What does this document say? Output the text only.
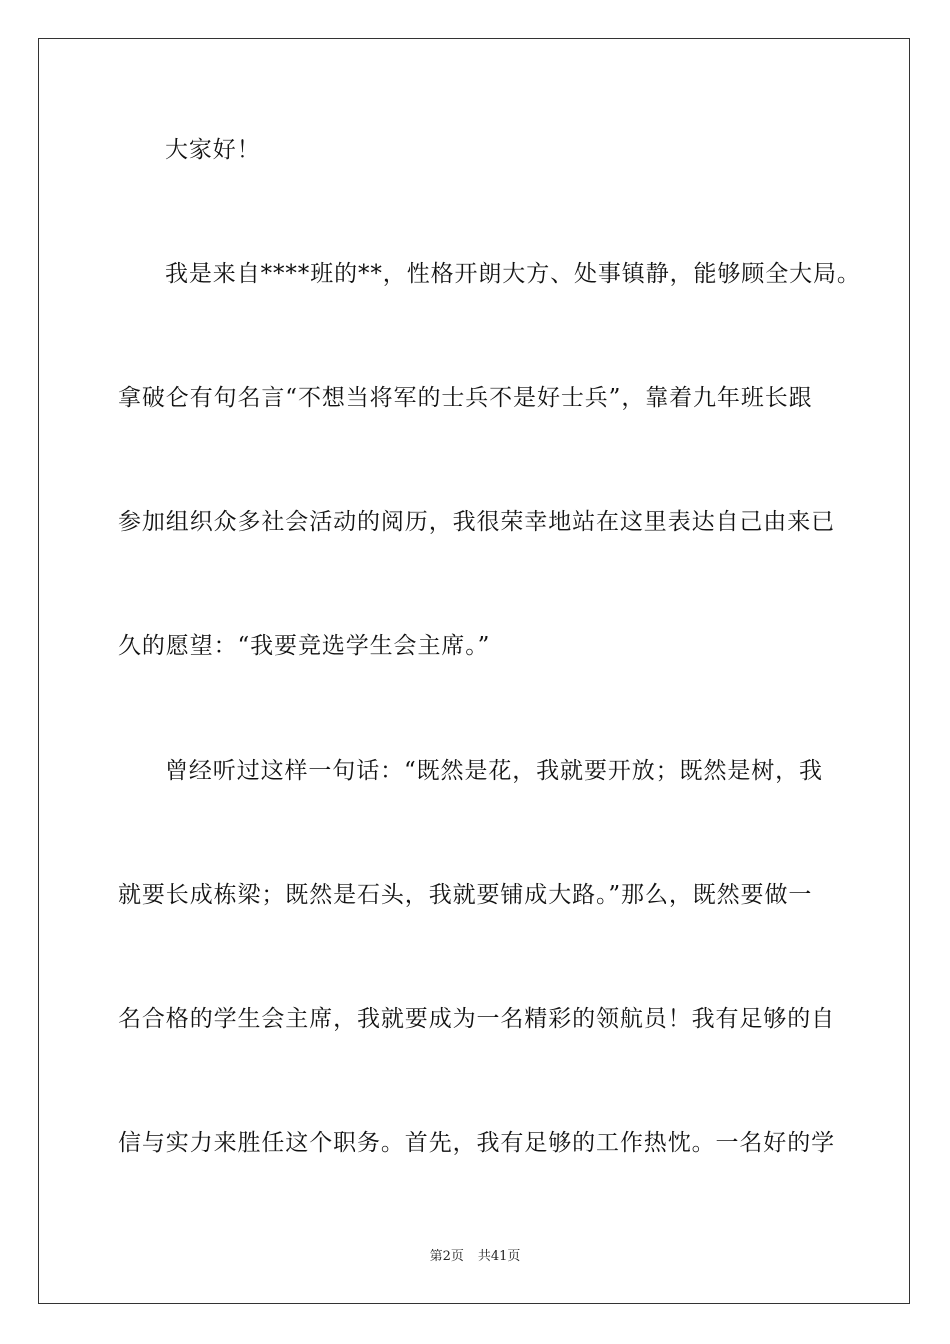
大家好！
我是来自****班的**，性格开朗大方、处事镇静，能够顾全大局。
拿破仑有句名言“不想当将军的士兵不是好士兵”，靠着九年班长跟
参加组织众多社会活动的阅历，我很荣幸地站在这里表达自己由来已
久的愿望：“我要竞选学生会主席。”
曾经听过这样一句话：“既然是花，我就要开放；既然是树，我
就要长成栋梁；既然是石头，我就要铺成大路。”那么，既然要做一
名合格的学生会主席，我就要成为一名精彩的领航员！我有足够的自
信与实力来胜任这个职务。首先，我有足够的工作热忱。一名好的学
第2页 共41页
